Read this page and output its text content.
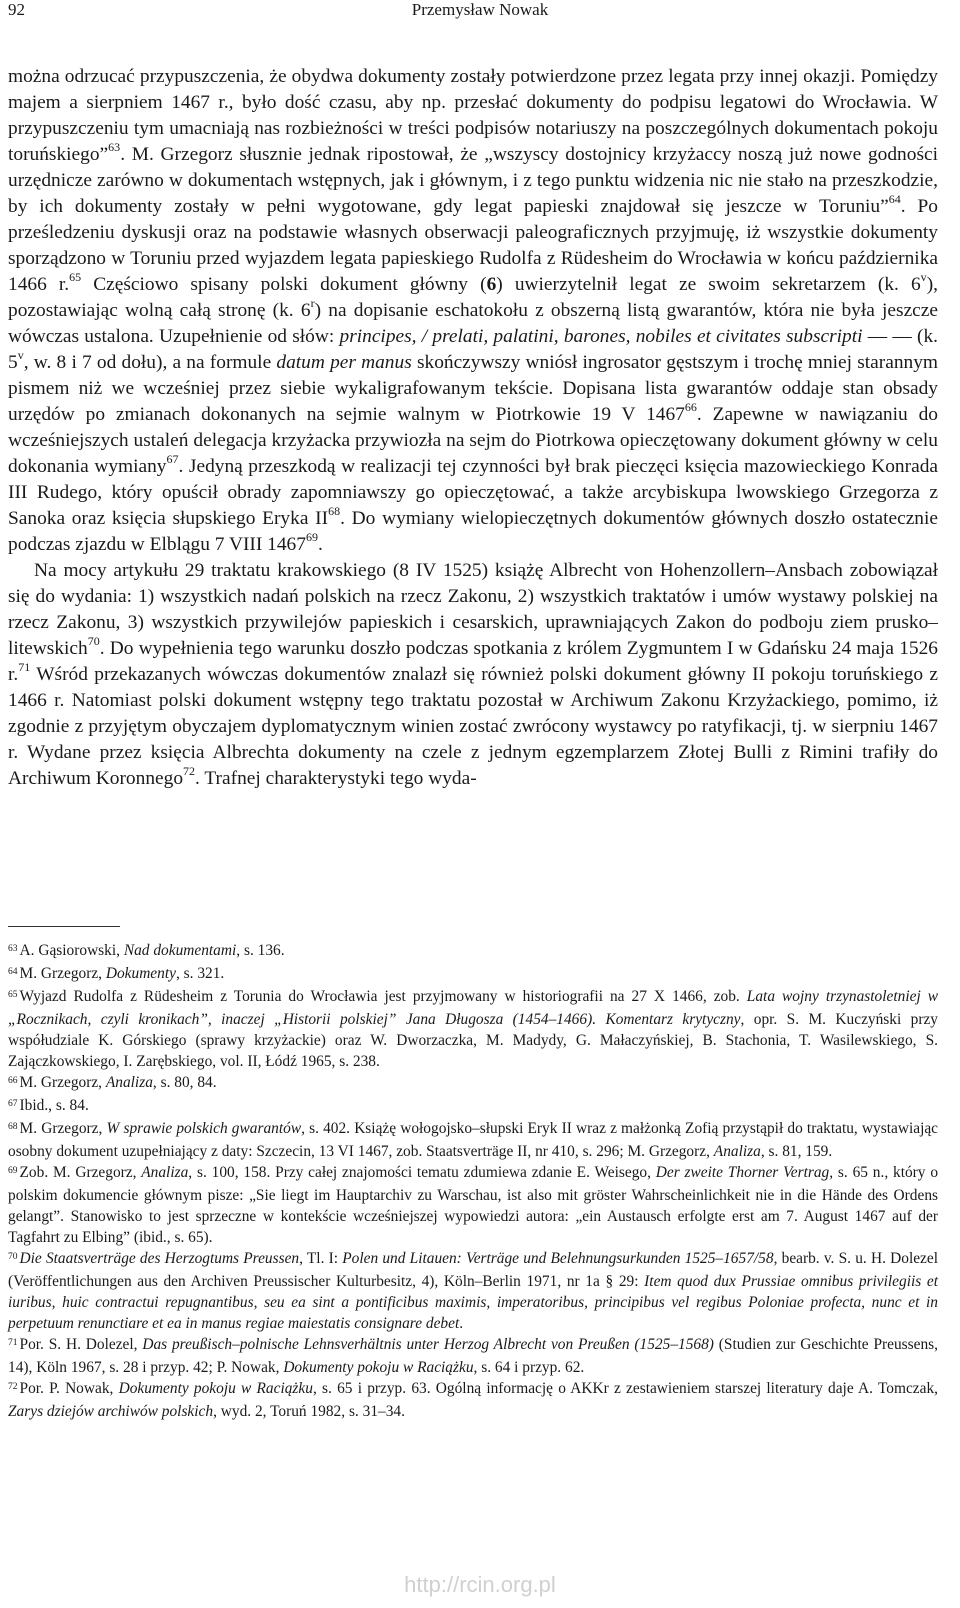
92	Przemysław Nowak

można odrzucać przypuszczenia, że obydwa dokumenty zostały potwierdzone przez legata przy innej okazji. Pomiędzy majem a sierpniem 1467 r., było dość czasu, aby np. przesłać dokumenty do podpisu legatowi do Wrocławia. W przypuszczeniu tym umacniają nas rozbieżności w treści podpisów notariuszy na poszczególnych dokumentach pokoju toruńskiego”$^{63}$. M. Grzegorz słusznie jednak ripostował, że „wszyscy dostojnicy krzyżaccy noszą już nowe godności urzędnicze zarówno w dokumentach wstępnych, jak i głównym, i z tego punktu widzenia nic nie stało na przeszkodzie, by ich dokumenty zostały w pełni wygotowane, gdy legat papieski znajdował się jeszcze w Toruniu”$^{64}$. Po prześledzeniu dyskusji oraz na podstawie własnych obserwacji paleograficznych przyjmuję, iż wszystkie dokumenty sporządzono w Toruniu przed wyjazdem legata papieskiego Rudolfa z Rüdesheim do Wrocławia w końcu października 1466 r.$^{65}$ Częściowo spisany polski dokument główny (6) uwierzytelnił legat ze swoim sekretarzem (k. 6$^v$), pozostawiając wolną całą stronę (k. 6$^r$) na dopisanie eschatokołu z obszerną listą gwarantów, która nie była jeszcze wówczas ustalona. Uzupełnienie od słów: principes, / prelati, palatini, barones, nobiles et civitates subscripti — — (k. 5$^v$, w. 8 i 7 od dołu), a na formule datum per manus skończywszy wniósł ingrosator gęstszym i trochę mniej starannym pismem niż we wcześniej przez siebie wykaligrafowanym tekście. Dopisana lista gwarantów oddaje stan obsady urzędów po zmianach dokonanych na sejmie walnym w Piotrkowie 19 V 1467$^{66}$. Zapewne w nawiązaniu do wcześniejszych ustaleń delegacja krzyżacka przywiozła na sejm do Piotrkowa opieczętowany dokument główny w celu dokonania wymiany$^{67}$. Jedyną przeszkodą w realizacji tej czynności był brak pieczęci księcia mazowieckiego Konrada III Rudego, który opuścił obrady zapomniawszy go opieczętować, a także arcybiskupa lwowskiego Grzegorza z Sanoka oraz księcia słupskiego Eryka II$^{68}$. Do wymiany wielopieczętnych dokumentów głównych doszło ostatecznie podczas zjazdu w Elblągu 7 VIII 1467$^{69}$.

Na mocy artykułu 29 traktatu krakowskiego (8 IV 1525) książę Albrecht von Hohenzollern–Ansbach zobowiązał się do wydania: 1) wszystkich nadań polskich na rzecz Zakonu, 2) wszystkich traktatów i umów wystawy polskiej na rzecz Zakonu, 3) wszystkich przywilejów papieskich i cesarskich, uprawniających Zakon do podboju ziem prusko–litewskich$^{70}$. Do wypełnienia tego warunku doszło podczas spotkania z królem Zygmuntem I w Gdańsku 24 maja 1526 r.$^{71}$ Wśród przekazanych wówczas dokumentów znalazł się również polski dokument główny II pokoju toruńskiego z 1466 r. Natomiast polski dokument wstępny tego traktatu pozostał w Archiwum Zakonu Krzyżackiego, pomimo, iż zgodnie z przyjętym obyczajem dyplomatycznym winien zostać zwrócony wystawcy po ratyfikacji, tj. w sierpniu 1467 r. Wydane przez księcia Albrechta dokumenty na czele z jednym egzemplarzem Złotej Bulli z Rimini trafiły do Archiwum Koronnego$^{72}$. Trafnej charakterystyki tego wyda-

$^{63}$ A. Gąsiorowski, Nad dokumentami, s. 136.

$^{64}$ M. Grzegorz, Dokumenty, s. 321.

$^{65}$ Wyjazd Rudolfa z Rüdesheim z Torunia do Wrocławia jest przyjmowany w historiografii na 27 X 1466, zob. Lata wojny trzynastoletniej w „Rocznikach, czyli kronikach”, inaczej „Historii polskiej” Jana Długosza (1454–1466). Komentarz krytyczny, opr. S. M. Kuczyński przy współudziale K. Górskiego (sprawy krzyżackie) oraz W. Dworzaczka, M. Madydy, G. Małaczyńskiej, B. Stachonia, T. Wasilewskiego, S. Zajączkowskiego, I. Zarębskiego, vol. II, Łódź 1965, s. 238.

$^{66}$ M. Grzegorz, Analiza, s. 80, 84.

$^{67}$ Ibid., s. 84.

$^{68}$ M. Grzegorz, W sprawie polskich gwarantów, s. 402. Książę wołogojsko–słupski Eryk II wraz z małżonką Zofią przystąpił do traktatu, wystawiając osobny dokument uzupełniający z daty: Szczecin, 13 VI 1467, zob. Staatsverträge II, nr 410, s. 296; M. Grzegorz, Analiza, s. 81, 159.

$^{69}$ Zob. M. Grzegorz, Analiza, s. 100, 158. Przy całej znajomości tematu zdumiewa zdanie E. Weisego, Der zweite Thorner Vertrag, s. 65 n., który o polskim dokumencie głównym pisze: „Sie liegt im Hauptarchiv zu Warschau, ist also mit gröster Wahrscheinlichkeit nie in die Hände des Ordens gelangt”. Stanowisko to jest sprzeczne w kontekście wcześniejszej wypowiedzi autora: „ein Austausch erfolgte erst am 7. August 1467 auf der Tagfahrt zu Elbing” (ibid., s. 65).

$^{70}$ Die Staatsverträge des Herzogtums Preussen, Tl. I: Polen und Litauen: Verträge und Belehnungsurkunden 1525–1657/58, bearb. v. S. u. H. Dolezel (Veröffentlichungen aus den Archiven Preussischer Kulturbesitz, 4), Köln–Berlin 1971, nr 1a § 29: Item quod dux Prussiae omnibus privilegiis et iuribus, huic contractui repugnantibus, seu ea sint a pontificibus maximis, imperatoribus, principibus vel regibus Poloniae profecta, nunc et in perpetuum renunctiare et ea in manus regiae maiestatis consignare debet.

$^{71}$ Por. S. H. Dolezel, Das preußisch–polnische Lehnsverhältnis unter Herzog Albrecht von Preußen (1525–1568) (Studien zur Geschichte Preussens, 14), Köln 1967, s. 28 i przyp. 42; P. Nowak, Dokumenty pokoju w Raciążku, s. 64 i przyp. 62.

$^{72}$ Por. P. Nowak, Dokumenty pokoju w Raciążku, s. 65 i przyp. 63. Ogólną informację o AKKr z zestawieniem starszej literatury daje A. Tomczak, Zarys dziejów archiwów polskich, wyd. 2, Toruń 1982, s. 31–34.

http://rcin.org.pl
